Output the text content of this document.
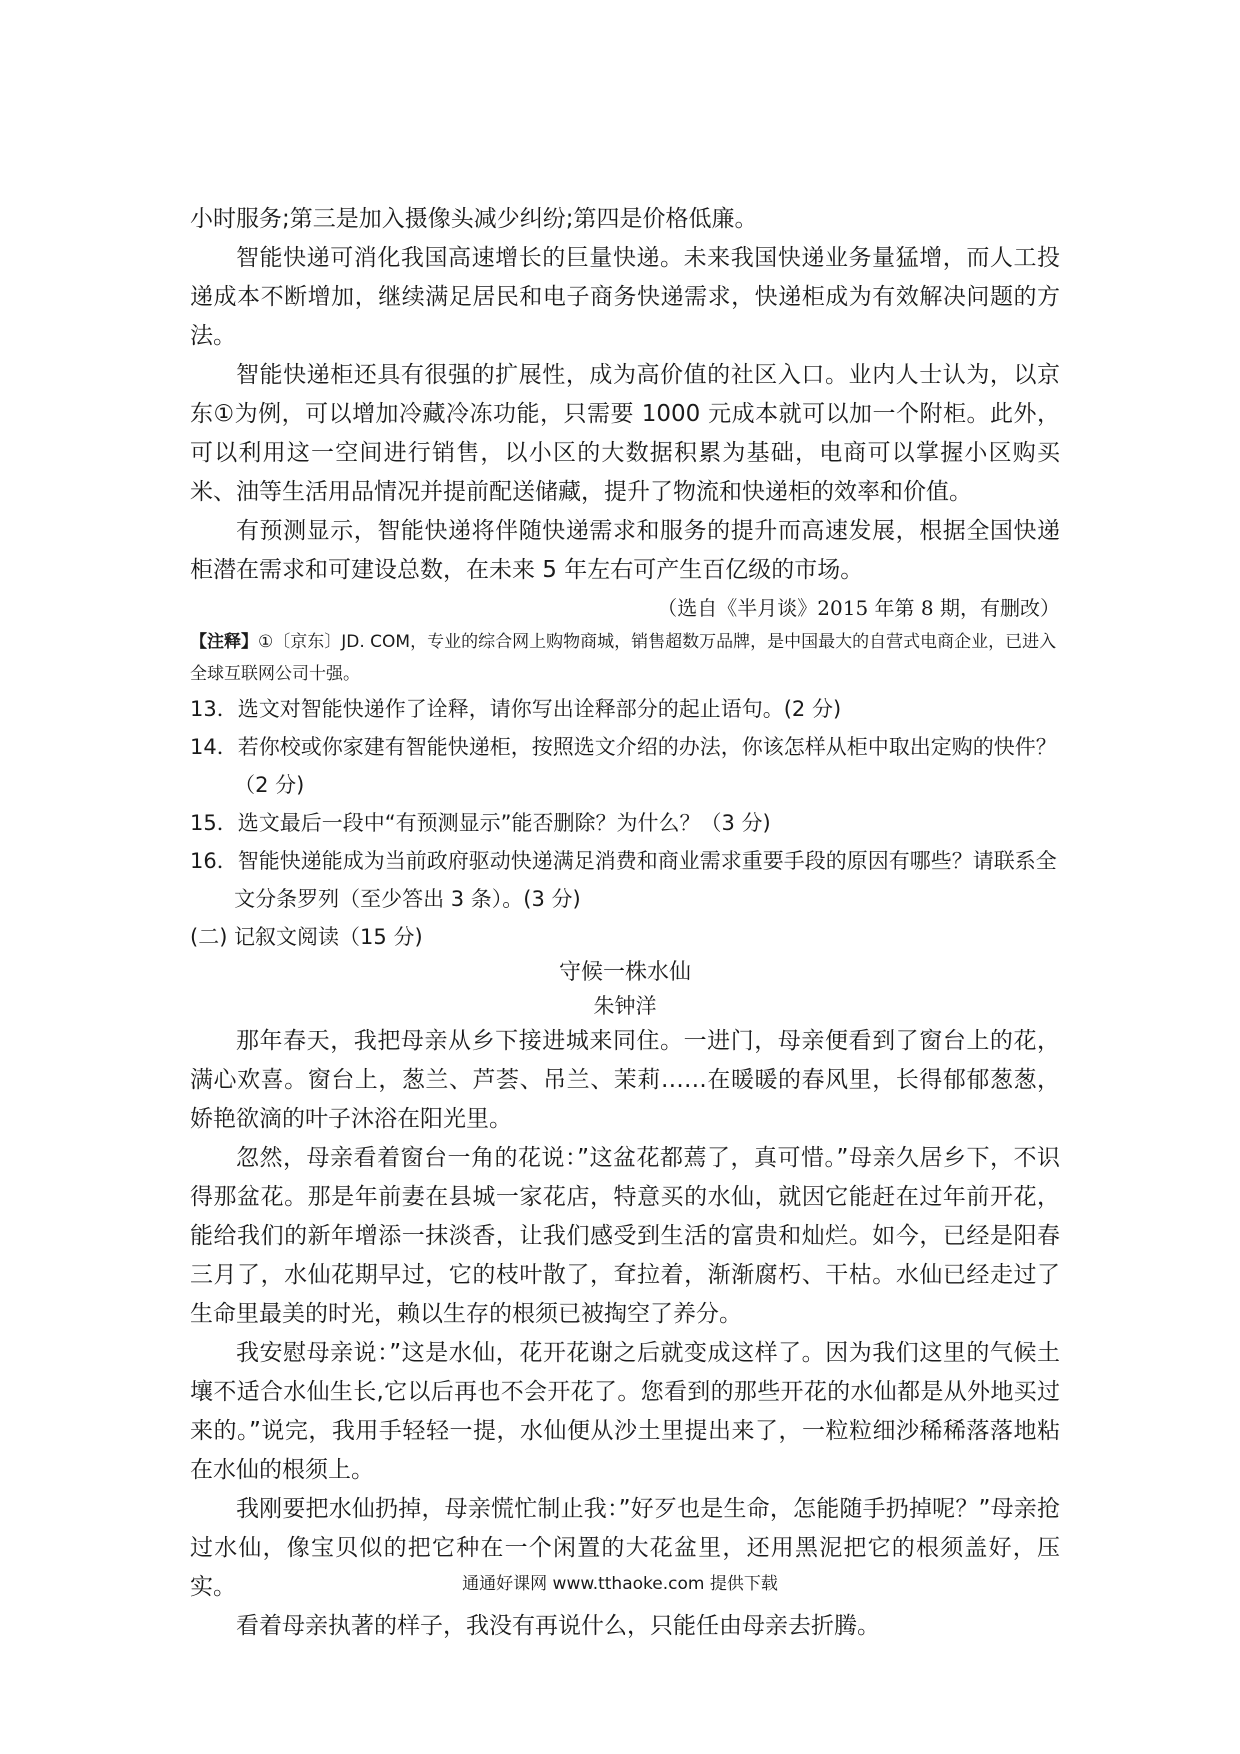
小时服务;第三是加入摄像头减少纠纷;第四是价格低廉。

智能快递可消化我国高速增长的巨量快递。未来我国快递业务量猛增，而人工投递成本不断增加，继续满足居民和电子商务快递需求，快递柜成为有效解决问题的方法。

智能快递柜还具有很强的扩展性，成为高价值的社区入口。业内人士认为，以京东①为例，可以增加冷藏冷冻功能，只需要 1000 元成本就可以加一个附柜。此外，可以利用这一空间进行销售，以小区的大数据积累为基础，电商可以掌握小区购买米、油等生活用品情况并提前配送储藏，提升了物流和快递柜的效率和价值。

有预测显示，智能快递将伴随快递需求和服务的提升而高速发展，根据全国快递柜潜在需求和可建设总数，在未来 5 年左右可产生百亿级的市场。

（选自《半月谈》2015 年第 8 期，有删改）

【注释】①〔京东〕JD. COM，专业的综合网上购物商城，销售超数万品牌，是中国最大的自营式电商企业，已进入全球互联网公司十强。

13．选文对智能快递作了诠释，请你写出诠释部分的起止语句。(2 分)

14．若你校或你家建有智能快递柜，按照选文介绍的办法，你该怎样从柜中取出定购的快件？（2 分)

15．选文最后一段中“有预测显示”能否删除？为什么？（3 分)

16．智能快递能成为当前政府驱动快递满足消费和商业需求重要手段的原因有哪些？请联系全文分条罗列（至少答出 3 条）。(3 分)

(二) 记叙文阅读（15 分)

守候一株水仙

朱钟洋

那年春天，我把母亲从乡下接进城来同住。一进门，母亲便看到了窗台上的花，满心欢喜。窗台上，葱兰、芦荟、吊兰、茉莉……在暖暖的春风里，长得郁郁葱葱，娇艳欲滴的叶子沐浴在阳光里。

忽然，母亲看着窗台一角的花说：”这盆花都蔫了，真可惜。”母亲久居乡下，不识得那盆花。那是年前妻在县城一家花店，特意买的水仙，就因它能赶在过年前开花，能给我们的新年增添一抹淡香，让我们感受到生活的富贵和灿烂。如今，已经是阳春三月了，水仙花期早过，它的枝叶散了，耷拉着，渐渐腐朽、干枯。水仙已经走过了生命里最美的时光，赖以生存的根须已被掏空了养分。

我安慰母亲说：”这是水仙，花开花谢之后就变成这样了。因为我们这里的气候土壤不适合水仙生长,它以后再也不会开花了。您看到的那些开花的水仙都是从外地买过来的。”说完，我用手轻轻一提，水仙便从沙土里提出来了，一粒粒细沙稀稀落落地粘在水仙的根须上。

我刚要把水仙扔掉，母亲慌忙制止我：”好歹也是生命，怎能随手扔掉呢？”母亲抢过水仙，像宝贝似的把它种在一个闲置的大花盆里，还用黑泥把它的根须盖好，压实。

看着母亲执著的样子，我没有再说什么，只能任由母亲去折腾。

通通好课网 www.tthaoke.com 提供下载
